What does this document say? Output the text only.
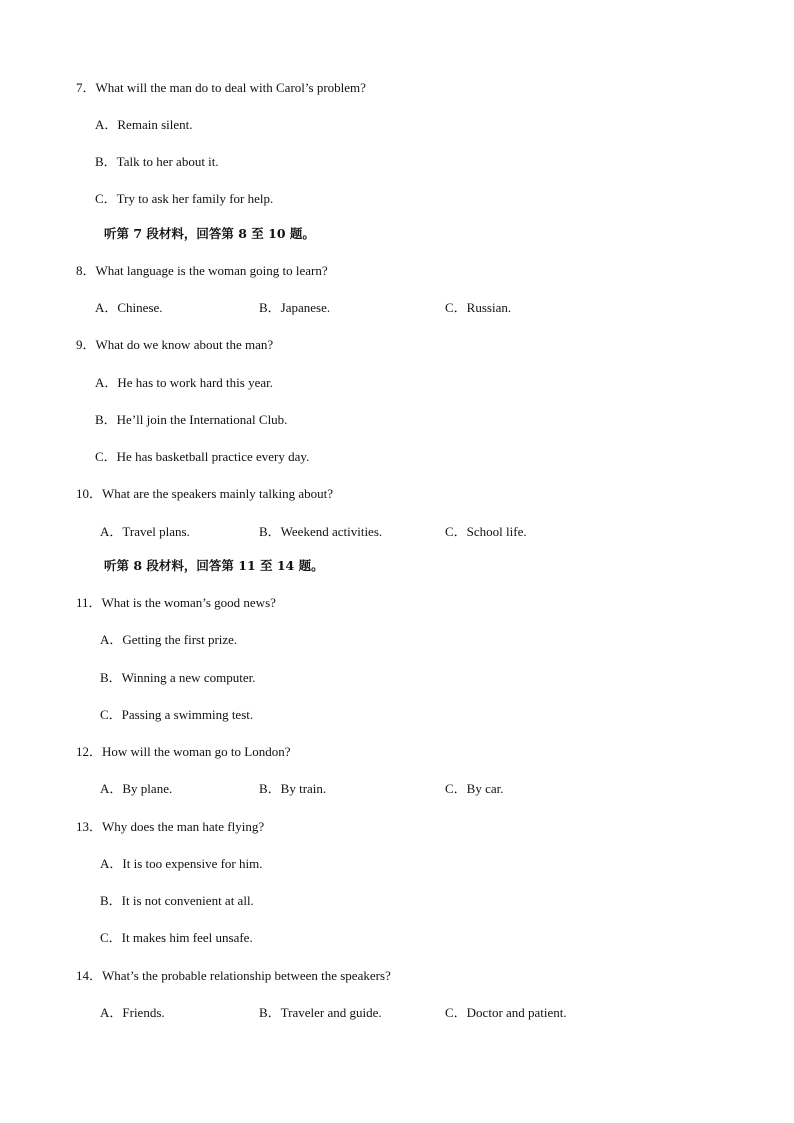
7．What will the man do to deal with Carol’s problem?
A．Remain silent.
B．Talk to her about it.
C．Try to ask her family for help.
听第 7 段材料，回答第 8 至 10 题。
8．What language is the woman going to learn?
A．Chinese.	B．Japanese.	C．Russian.
9．What do we know about the man?
A．He has to work hard this year.
B．He’ll join the International Club.
C．He has basketball practice every day.
10．What are the speakers mainly talking about?
A．Travel plans.	B．Weekend activities.	C．School life.
听第 8 段材料，回答第 11 至 14 题。
11．What is the woman’s good news?
A．Getting the first prize.
B．Winning a new computer.
C．Passing a swimming test.
12．How will the woman go to London?
A．By plane.	B．By train.	C．By car.
13．Why does the man hate flying?
A．It is too expensive for him.
B．It is not convenient at all.
C．It makes him feel unsafe.
14．What’s the probable relationship between the speakers?
A．Friends.	B．Traveler and guide.	C．Doctor and patient.
